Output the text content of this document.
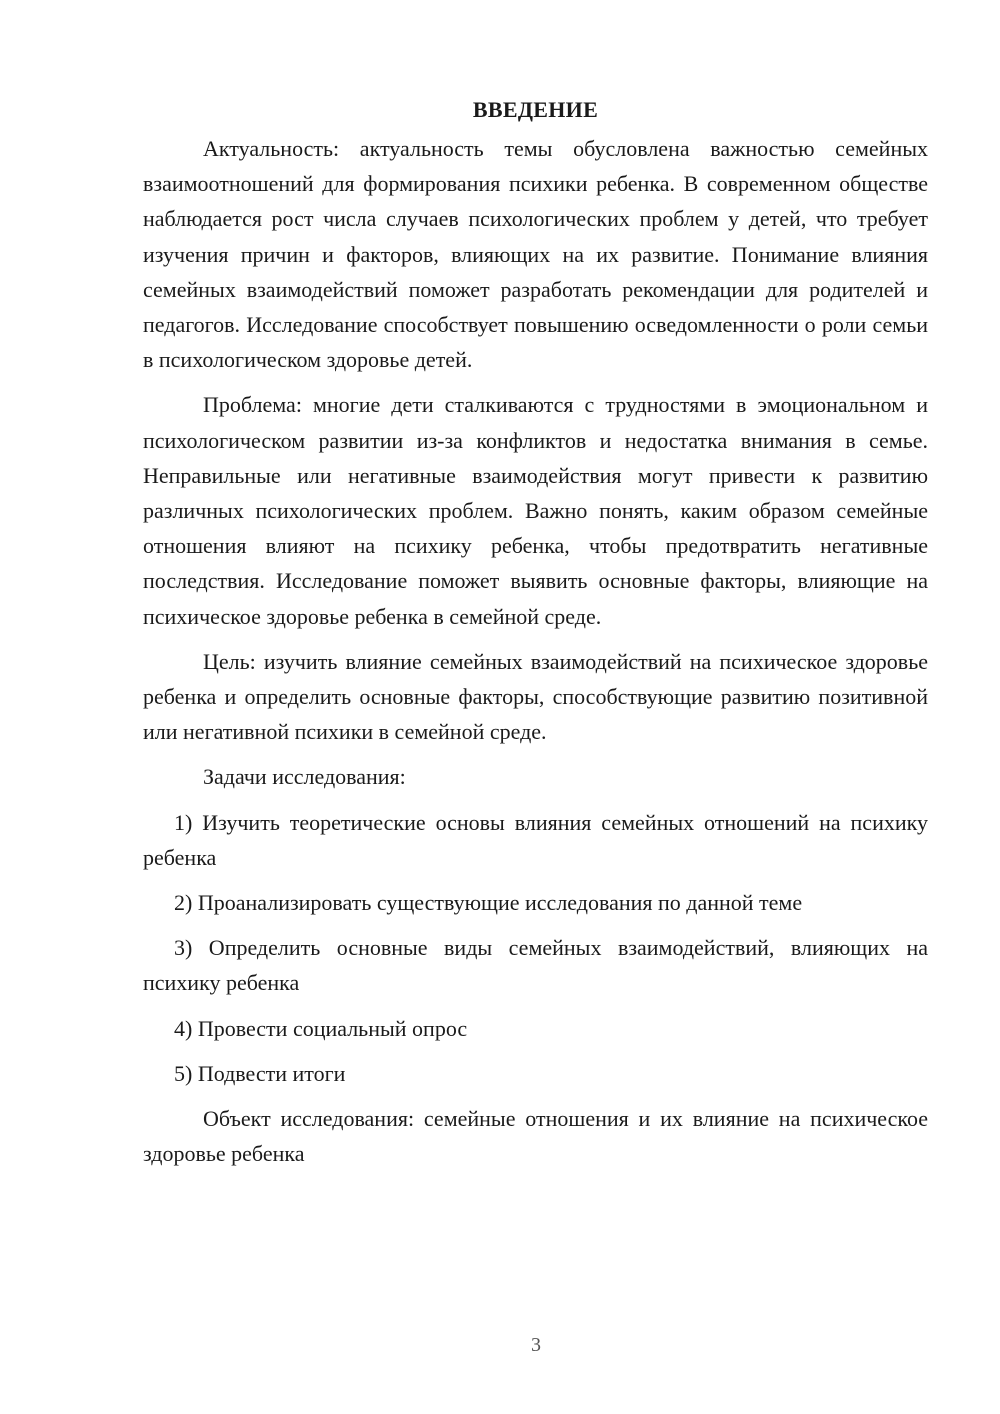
ВВЕДЕНИЕ

Актуальность: актуальность темы обусловлена важностью семейных взаимоотношений для формирования психики ребенка. В современном обществе наблюдается рост числа случаев психологических проблем у детей, что требует изучения причин и факторов, влияющих на их развитие. Понимание влияния семейных взаимодействий поможет разработать рекомендации для родителей и педагогов. Исследование способствует повышению осведомленности о роли семьи в психологическом здоровье детей.

Проблема: многие дети сталкиваются с трудностями в эмоциональном и психологическом развитии из-за конфликтов и недостатка внимания в семье. Неправильные или негативные взаимодействия могут привести к развитию различных психологических проблем. Важно понять, каким образом семейные отношения влияют на психику ребенка, чтобы предотвратить негативные последствия. Исследование поможет выявить основные факторы, влияющие на психическое здоровье ребенка в семейной среде.

Цель: изучить влияние семейных взаимодействий на психическое здоровье ребенка и определить основные факторы, способствующие развитию позитивной или негативной психики в семейной среде.

Задачи исследования:

1) Изучить теоретические основы влияния семейных отношений на психику ребенка

2) Проанализировать существующие исследования по данной теме

3) Определить основные виды семейных взаимодействий, влияющих на психику ребенка

4) Провести социальный опрос

5) Подвести итоги

Объект исследования: семейные отношения и их влияние на психическое здоровье ребенка

3
